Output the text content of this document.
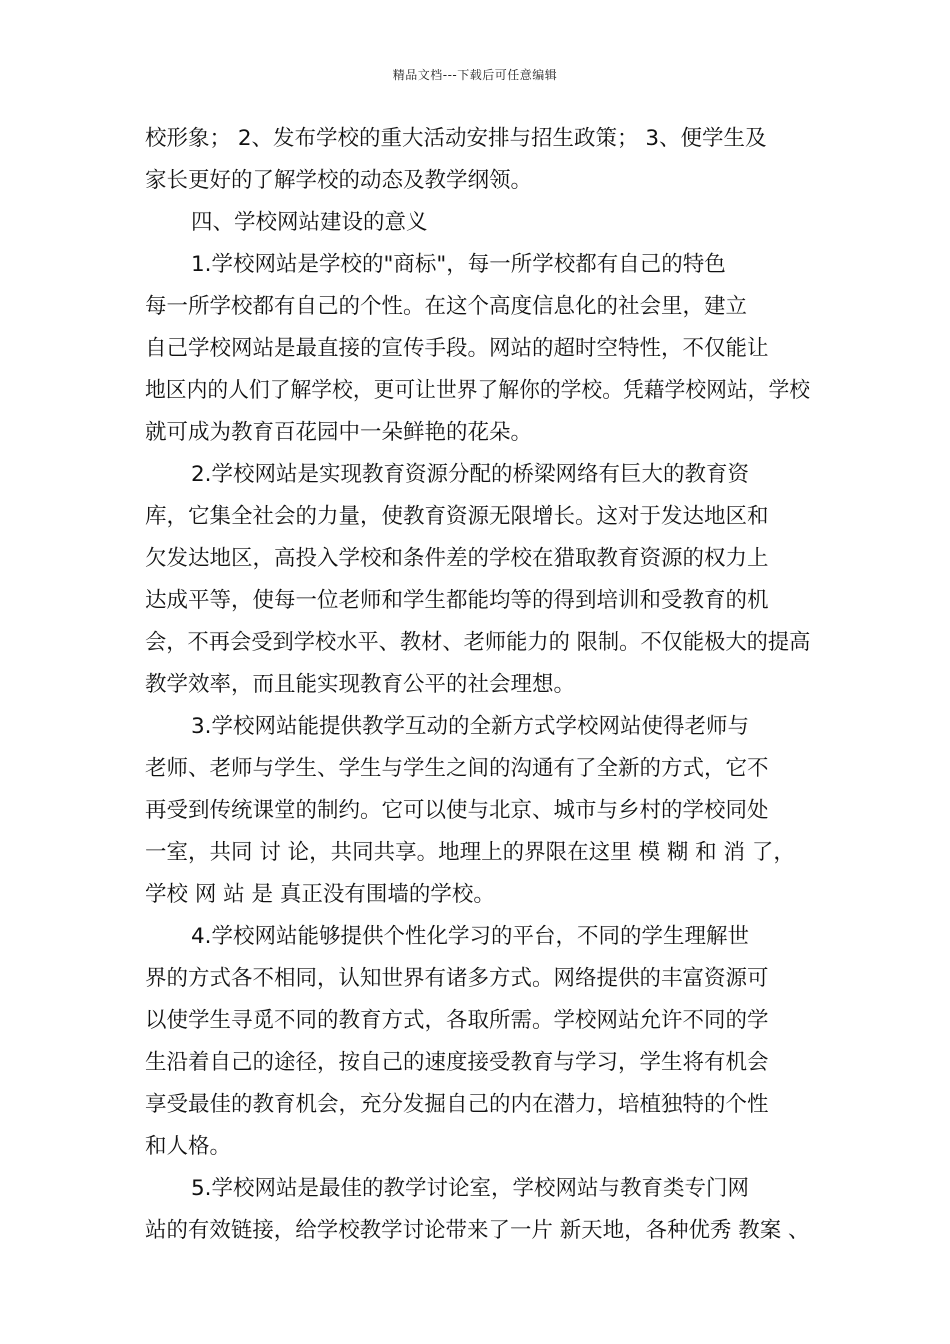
精品文档---下载后可任意编辑
校形象； 2、发布学校的重大活动安排与招生政策； 3、便学生及
家长更好的了解学校的动态及教学纲领。
四、学校网站建设的意义
1.学校网站是学校的"商标"，每一所学校都有自己的特色
每一所学校都有自己的个性。在这个高度信息化的社会里，建立
自己学校网站是最直接的宣传手段。网站的超时空特性，不仅能让
地区内的人们了解学校，更可让世界了解你的学校。凭藉学校网站，学校
就可成为教育百花园中一朵鲜艳的花朵。
2.学校网站是实现教育资源分配的桥梁网络有巨大的教育资
库，它集全社会的力量，使教育资源无限增长。这对于发达地区和
欠发达地区，高投入学校和条件差的学校在猎取教育资源的权力上
达成平等，使每一位老师和学生都能均等的得到培训和受教育的机
会，不再会受到学校水平、教材、老师能力的 限制。不仅能极大的提高
教学效率，而且能实现教育公平的社会理想。
3.学校网站能提供教学互动的全新方式学校网站使得老师与
老师、老师与学生、学生与学生之间的沟通有了全新的方式，它不
再受到传统课堂的制约。它可以使与北京、城市与乡村的学校同处
一室，共同 讨 论，共同共享。地理上的界限在这里 模 糊 和 消 了，
学校 网 站 是 真正没有围墙的学校。
4.学校网站能够提供个性化学习的平台，不同的学生理解世
界的方式各不相同，认知世界有诸多方式。网络提供的丰富资源可
以使学生寻觅不同的教育方式，各取所需。学校网站允许不同的学
生沿着自己的途径，按自己的速度接受教育与学习，学生将有机会
享受最佳的教育机会，充分发掘自己的内在潜力，培植独特的个性
和人格。
5.学校网站是最佳的教学讨论室，学校网站与教育类专门网
站的有效链接，给学校教学讨论带来了一片 新天地，各种优秀 教案 、
